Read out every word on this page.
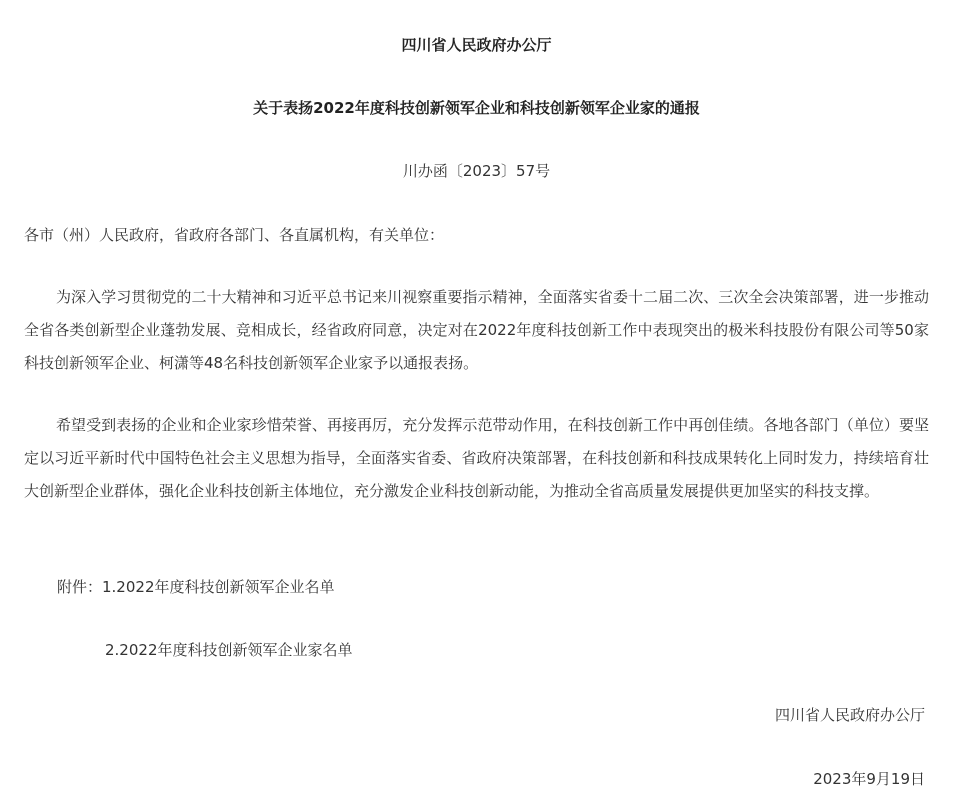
四川省人民政府办公厅
关于表扬2022年度科技创新领军企业和科技创新领军企业家的通报
川办函〔2023〕57号
各市（州）人民政府，省政府各部门、各直属机构，有关单位：
为深入学习贯彻党的二十大精神和习近平总书记来川视察重要指示精神，全面落实省委十二届二次、三次全会决策部署，进一步推动全省各类创新型企业蓬勃发展、竞相成长，经省政府同意，决定对在2022年度科技创新工作中表现突出的极米科技股份有限公司等50家科技创新领军企业、柯潇等48名科技创新领军企业家予以通报表扬。
希望受到表扬的企业和企业家珍惜荣誉、再接再厉，充分发挥示范带动作用，在科技创新工作中再创佳绩。各地各部门（单位）要坚定以习近平新时代中国特色社会主义思想为指导，全面落实省委、省政府决策部署，在科技创新和科技成果转化上同时发力，持续培育壮大创新型企业群体，强化企业科技创新主体地位，充分激发企业科技创新动能，为推动全省高质量发展提供更加坚实的科技支撑。
附件：1.2022年度科技创新领军企业名单
2.2022年度科技创新领军企业家名单
四川省人民政府办公厅
2023年9月19日
